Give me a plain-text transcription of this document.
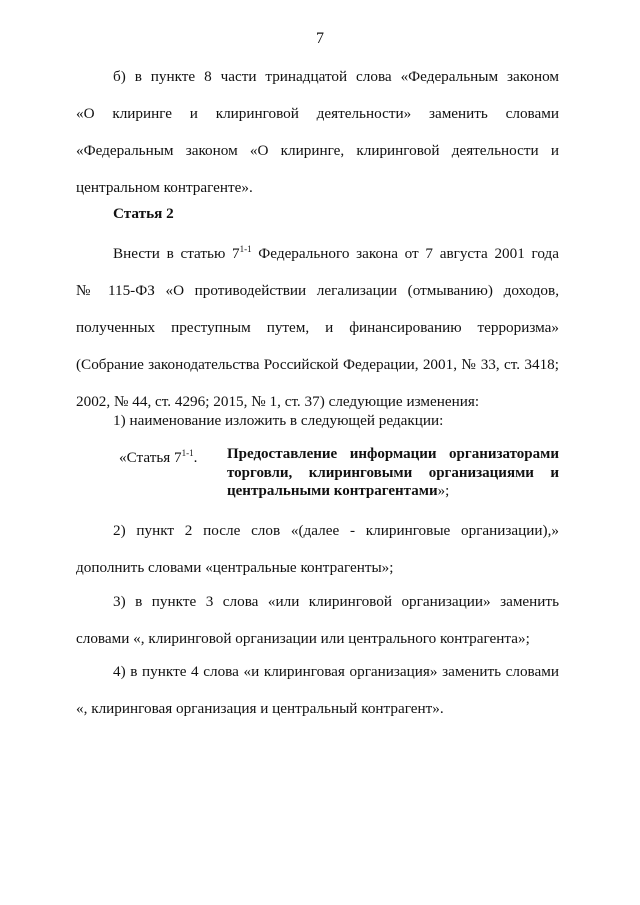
7
б) в пункте 8 части тринадцатой слова «Федеральным законом
«О клиринге и клиринговой деятельности» заменить словами
«Федеральным законом «О клиринге, клиринговой деятельности и
центральном контрагенте».
Статья 2
Внести в статью 7$^{1-1}$ Федерального закона от 7 августа 2001 года
№ 115-ФЗ «О противодействии легализации (отмыванию) доходов,
полученных преступным путем, и финансированию терроризма»
(Собрание законодательства Российской Федерации, 2001, № 33, ст. 3418;
2002, № 44, ст. 4296; 2015, № 1, ст. 37) следующие изменения:
1) наименование изложить в следующей редакции:
«Статья 7$^{1-1}$. Предоставление информации организаторами
торговли, клиринговыми организациями и
центральными контрагентами»;
2) пункт 2 после слов «(далее - клиринговые организации),»
дополнить словами «центральные контрагенты»;
3) в пункте 3 слова «или клиринговой организации» заменить
словами «, клиринговой организации или центрального контрагента»;
4) в пункте 4 слова «и клиринговая организация» заменить словами
«, клиринговая организация и центральный контрагент».
